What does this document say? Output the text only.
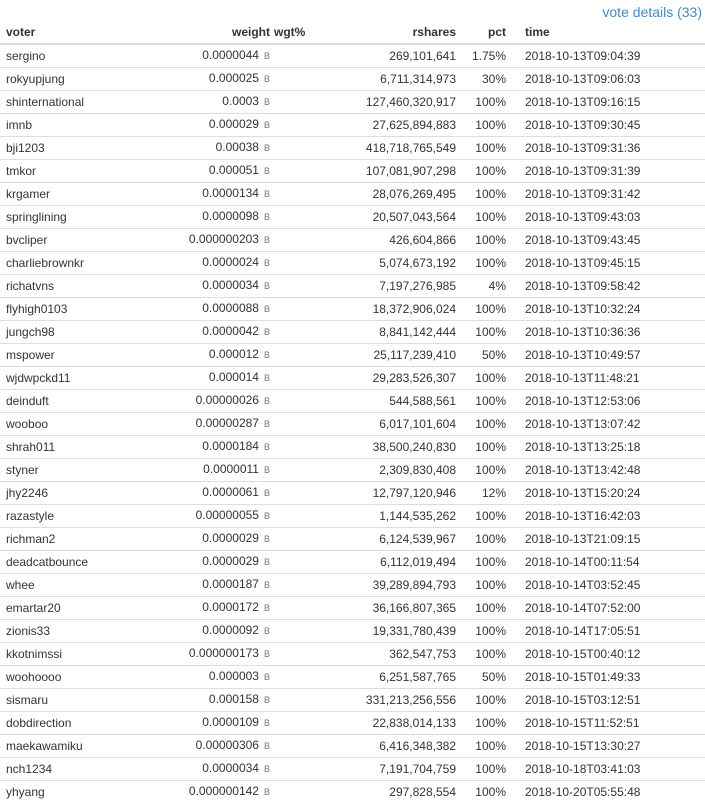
vote details (33)
voter	weight	wgt%	rshares	pct	time
sergino	0.0000044 B		269,101,641	1.75%	2018-10-13T09:04:39
rokyupjung	0.000025 B		6,711,314,973	30%	2018-10-13T09:06:03
shinternational	0.0003 B		127,460,320,917	100%	2018-10-13T09:16:15
imnb	0.000029 B		27,625,894,883	100%	2018-10-13T09:30:45
bji1203	0.00038 B		418,718,765,549	100%	2018-10-13T09:31:36
tmkor	0.000051 B		107,081,907,298	100%	2018-10-13T09:31:39
krgamer	0.0000134 B		28,076,269,495	100%	2018-10-13T09:31:42
springlining	0.0000098 B		20,507,043,564	100%	2018-10-13T09:43:03
bvcliper	0.000000203 B		426,604,866	100%	2018-10-13T09:43:45
charliebrownkr	0.0000024 B		5,074,673,192	100%	2018-10-13T09:45:15
richatvns	0.0000034 B		7,197,276,985	4%	2018-10-13T09:58:42
flyhigh0103	0.0000088 B		18,372,906,024	100%	2018-10-13T10:32:24
jungch98	0.0000042 B		8,841,142,444	100%	2018-10-13T10:36:36
mspower	0.000012 B		25,117,239,410	50%	2018-10-13T10:49:57
wjdwpckd11	0.000014 B		29,283,526,307	100%	2018-10-13T11:48:21
deinduft	0.00000026 B		544,588,561	100%	2018-10-13T12:53:06
wooboo	0.00000287 B		6,017,101,604	100%	2018-10-13T13:07:42
shrah011	0.0000184 B		38,500,240,830	100%	2018-10-13T13:25:18
styner	0.0000011 B		2,309,830,408	100%	2018-10-13T13:42:48
jhy2246	0.0000061 B		12,797,120,946	12%	2018-10-13T15:20:24
razastyle	0.00000055 B		1,144,535,262	100%	2018-10-13T16:42:03
richman2	0.0000029 B		6,124,539,967	100%	2018-10-13T21:09:15
deadcatbounce	0.0000029 B		6,112,019,494	100%	2018-10-14T00:11:54
whee	0.0000187 B		39,289,894,793	100%	2018-10-14T03:52:45
emartar20	0.0000172 B		36,166,807,365	100%	2018-10-14T07:52:00
zionis33	0.0000092 B		19,331,780,439	100%	2018-10-14T17:05:51
kkotnimssi	0.000000173 B		362,547,753	100%	2018-10-15T00:40:12
woohoooo	0.000003 B		6,251,587,765	50%	2018-10-15T01:49:33
sismaru	0.000158 B		331,213,256,556	100%	2018-10-15T03:12:51
dobdirection	0.0000109 B		22,838,014,133	100%	2018-10-15T11:52:51
maekawamiku	0.00000306 B		6,416,348,382	100%	2018-10-15T13:30:27
nch1234	0.0000034 B		7,191,704,759	100%	2018-10-18T03:41:03
yhyang	0.000000142 B		297,828,554	100%	2018-10-20T05:55:48
